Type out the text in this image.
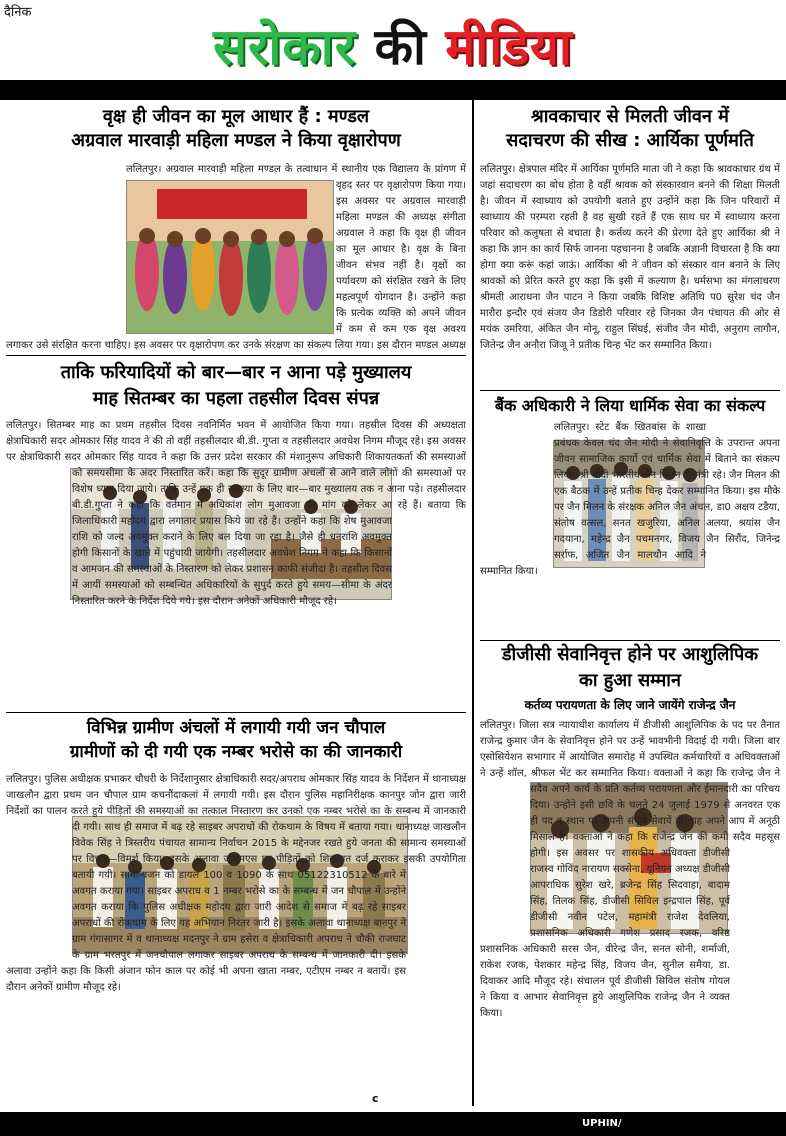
दैनिक
सरोकार की मीडिया
वृक्ष ही जीवन का मूल आधार हैं : मण्डल
अग्रवाल मारवाड़ी महिला मण्डल ने किया वृक्षारोपण
ललितपुर। अग्रवाल मारवाड़ी महिला मण्डल के तत्वाधान में स्थानीय एक विद्यालय के प्रांगण में वृहद स्तर पर वृक्षारोपण किया गया। इस अवसर पर अग्रवाल मारवाड़ी महिला मण्डल की अध्यक्ष संगीता अग्रवाल ने कहा कि वृक्ष ही जीवन का मूल आधार है। वृक्ष के बिना जीवन संभव नहीं है। वृक्षों का पर्यावरण को संरक्षित रखने के लिए महत्वपूर्ण योगदान है। उन्होंने कहा कि प्रत्येक व्यक्ति को अपने जीवन में कम से कम एक वृक्ष अवश्य लगाकर उसे संरक्षित करना चाहिए। इस अवसर पर वृक्षारोपण कर उनके संरक्षण का संकल्प लिया गया। इस दौरान मण्डल अध्यक्ष
श्रावकाचार से मिलती जीवन में
सदाचरण की सीख : आर्यिका पूर्णमति
ललितपुर। क्षेत्रपाल मंदिर में आर्यिका पूर्णमति माता जी ने कहा कि श्रावकाचार ग्रंथ में जहां सदाचरण का बोध होता है वहीं श्रावक को संस्कारवान बनने की शिक्षा मिलती है। जीवन में स्वाध्याय को उपयोगी बताते हुए उन्होंने कहा कि जिन परिवारों में स्वाध्याय की परम्परा रहती है वह सुखी रहते हैं एक साथ घर में स्वाध्याय करना परिवार को कलुषता से बचाता है। कर्तव्य करने की प्रेरणा देते हुए आर्यिका श्री ने कहा कि ज्ञान का कार्य सिर्फ जानना पहचानना है जबकि अज्ञानी विचारता है कि क्या होगा क्या करूं कहां जाऊं। आर्यिका श्री ने जीवन को संस्कार वान बनाने के लिए श्रावकों को प्रेरित करते हुए कहा कि इसी में कल्याण है। धर्मसभा का मंगलाचरण श्रीमती आराधना जैन पाटन ने किया जबकि विशिष्ट अतिथि प0 सुरेश चंद जैन मारौरा इन्दौर एवं संजय जैन डिडोरी परिवार रहे जिनका जैन पंचायत की ओर से मयंक उमरिया, अंकित जैन मोनू, राहुल सिंघई, संजीव जैन मोदी, अनुराग लागौन, जितेन्द्र जैन अनौरा जिजू ने प्रतीक चिन्ह भेंट कर सम्मानित किया।
ताकि फरियादियों को बार—बार न आना पड़े मुख्यालय
माह सितम्बर का पहला तहसील दिवस संपन्न
ललितपुर। सितम्बर माह का प्रथम तहसील दिवस नवनिर्मित भवन में आयोजित किया गया। तहसील दिवस की अध्यक्षता क्षेत्राधिकारी सदर ओमकार सिंह यादव ने की तो वहीं तहसीलदार बी.डी. गुप्ता व तहसीलदार अवधेश निगम मौजूद रहे। इस अवसर पर क्षेत्राधिकारी सदर ओमकार सिंह यादव ने कहा कि उत्तर प्रदेश सरकार की मंशानुरूप अधिकारी शिकायतकर्ता की समस्याओं को समयसीमा के अंदर निस्तारित करें। कहा कि सुदूर ग्रामीण अंचलों से आने वाले लोगों की समस्याओं पर विशेष ध्यान दिया जाये। ताकि उन्हें एक ही समस्या के लिए बार—बार मुख्यालय तक न आना पड़े। तहसीलदार बी.डी.गुप्ता ने कहा कि वर्तमान में अधिकांश लोग मुआवजा की मांग को लेकर आ रहे हैं। बताया कि जिलाधिकारी महोदय द्वारा लगातार प्रयास किये जा रहे हैं। उन्होंने कहा कि शेष मुआवजा राशि को जल्द अवमुक्त कराने के लिए बल दिया जा रहा है। जैसे ही धनराशि अवमुक्त होगी किसानों के खाते में पहुंचायी जायेगी। तहसीलदार अवधेश निगम ने कहा कि किसानों व आमजन की समस्याओं के निस्तारण को लेकर प्रशासन काफी संजीदा है। तहसील दिवस में आयीं समस्याओं को सम्बन्धित अधिकारियों के सुपुर्द करते हुये समय—सीमा के अंदर निस्तारित करने के निर्देश दिये गये। इस दौरान अनेकों अधिकारी मौजूद रहे।
बैंक अधिकारी ने लिया धार्मिक सेवा का संकल्प
ललितपुर। स्टेट बैंक खितबांस के शाखा प्रबंधक केवल चंद जैन मोदी ने सेवानिवृत्ति के उपरान्त अपना जीवन सामाजिक कार्यो एवं धार्मिक सेवा में बिताने का संकल्प लिया। श्री मोदी भारतीय जैन मिलन के मंत्री रहे। जैन मिलन की एक बैठक में उन्हें प्रतीक चिन्ह देकर सम्मानित किया। इस मौके पर जैन मिलन के संरक्षक अनिल जैन अंचल, डा0 अक्षय टडैया, संतोष वत्सल, सनत खजुरिया, अनिल अलया, श्रयांस जैन गदयाना, महेन्द्र जैन पचमनगर, विजय जैन सिरौंद, जिनेन्द्र सर्राफ, अजित जैन मालथौन आदि ने सम्मानित किया।
डीजीसी सेवानिवृत्त होने पर आशुलिपिक
का हुआ सम्मान
कर्तव्य परायणता के लिए जाने जायेंगे राजेन्द्र जैन
ललितपुर। जिला सत्र न्यायाधीश कार्यालय में डीजीसी आशुलिपिक के पद पर तैनात राजेन्द्र कुमार जैन के सेवानिवृत्त होने पर उन्हें भावभीनी विदाई दी गयी। जिला बार एसोसियेशन सभागार में आयोजित समारोह में उपस्थित कर्मचारियों व अधिवक्ताओं ने उन्हें शॉल, श्रीफल भेंट कर सम्मानित किया। वक्ताओं ने कहा कि राजेन्द्र जैन ने सदैव अपने कार्य के प्रति कर्तव्य परायणता और ईमानदारी का परिचय दिया। उन्होंने इसी छवि के चलते 24 जुलाई 1979 से अनवरत एक ही पद व स्थान पर अपनी संपूर्ण सेवायें दीं। यह अपने आप में अनूठी मिसाल है। वक्ताओं ने कहा कि राजेन्द्र जैन की कमी सदैव महसूस होगी। इस अवसर पर शासकीय अधिवक्ता डीजीसी राजस्व गोविंद नारायण सक्सेना, यूनियन अध्यक्ष डीजीसी आपराधिक सुरेश खरे, ब्रजेन्द्र सिंह सिदवाहा, बादाम सिंह, तिलक सिंह, डीजीसी सिविल इन्द्रपाल सिंह, पूर्व डीजीसी नवीन पटेल, महामंत्री राजेश देवलिया, प्रशासनिक अधिकारी गणेश प्रसाद रजक, वरिष्ठ प्रशासनिक अधिकारी सरस जैन, वीरेन्द्र जैन, सनत सोनी, शर्माजी, राकेश रजक, पेशकार महेन्द्र सिंह, विजय जैन, सुनील समैया, डा. दिवाकर आदि मौजूद रहे। संचालन पूर्व डीजीसी सिविल संतोष गोयल ने किया व आभार सेवानिवृत्त हुये आशुलिपिक राजेन्द्र जैन ने व्यक्त किया।
विभिन्न ग्रामीण अंचलों में लगायी गयी जन चौपाल
ग्रामीणों को दी गयी एक नम्बर भरोसे का की जानकारी
ललितपुर। पुलिस अधीक्षक प्रभाकर चौधरी के निर्देशानुसार क्षेत्राधिकारी सदर/अपराध ओमकार सिंह यादव के निर्देशन में थानाध्यक्ष जाखलौन द्वारा प्रथम जन चौपाल ग्राम कचनौंदाकलां में लगायी गयी। इस दौरान पुलिस महानिरीक्षक कानपुर जोन द्वारा जारी निर्देशों का पालन करते हुये पीड़ितों की समस्याओं का तत्काल निस्तारण कर उनको एक नम्बर भरोसे का के सम्बन्ध में जानकारी दी गयी। साथ ही समाज में बढ़ रहे साइबर अपराधों की रोकथाम के विषय में बताया गया। थानाध्यक्ष जाखलौन विवेक सिंह ने त्रिस्तरीय पंचायत सामान्य निर्वाचन 2015 के मद्देनजर रखते हुये जनता की सामान्य समस्याओं पर विचार—विमर्श किया। इसके अलावा जीएमएस पर पीड़ितों को शिकायत दर्ज कराकर इसकी उपयोगिता बतायी गयी। सामान्यजन को डायल 100 व 1090 के साथ 05122310512 के बारे में अवगत कराया गया। साइबर अपराध व 1 नम्बर भरोसे का के सम्बन्ध में जन चौपाल में उन्होंने अवगत कराया कि पुलिस अधीक्षक महोदय द्वारा जारी आदेश से समाज में बढ़ रहे साइबर अपराधों की रोकथाम के लिए यह अभियान निरंतर जारी है। इसके अलावा थानाध्यक्ष बानपुर ने ग्राम गंगासागर में व थानाध्यक्ष मदनपुर ने ग्राम हसेरा व क्षेत्राधिकारी अपराध ने चौकी राजघाट के ग्राम भरतपुर में जनचौपाल लगाकर साइबर अपराध के सम्बन्ध में जानकारी दी। इसके अलावा उन्होंने कहा कि किसी अंजान फोन काल पर कोई भी अपना खाता नम्बर, एटीएम नम्बर न बतायें। इस दौरान अनेकों ग्रामीण मौजूद रहे।
c
UPHIN/
